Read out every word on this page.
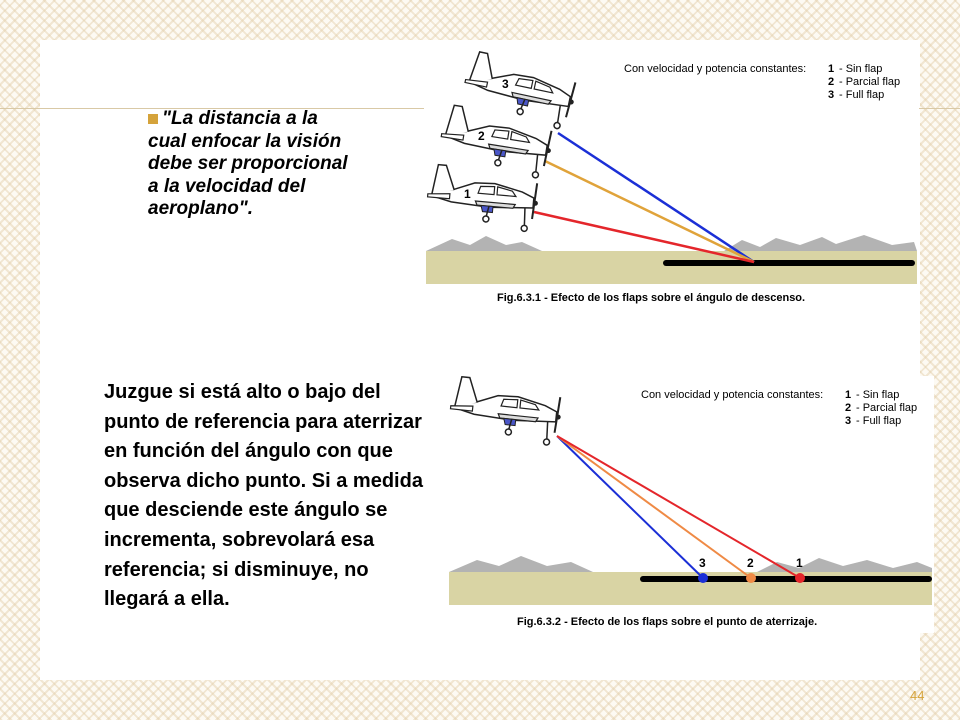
"La distancia a la cual enfocar la visión debe ser proporcional a la velocidad del aeroplano".

Juzgue si está alto o bajo del punto de referencia para aterrizar en función del ángulo con que observa dicho punto. Si a medida que desciende este ángulo se incrementa, sobrevolará esa referencia; si disminuye, no llegará a ella.

3
2
1
Con velocidad y potencia constantes: 1 - Sin flap
2 - Parcial flap
3 - Full flap
Fig.6.3.1 - Efecto de los flaps sobre el ángulo de descenso.
3	2	1
Con velocidad y potencia constantes: 1 - Sin flap
2 - Parcial flap
3 - Full flap
Fig.6.3.2 - Efecto de los flaps sobre el punto de aterrizaje.
44
